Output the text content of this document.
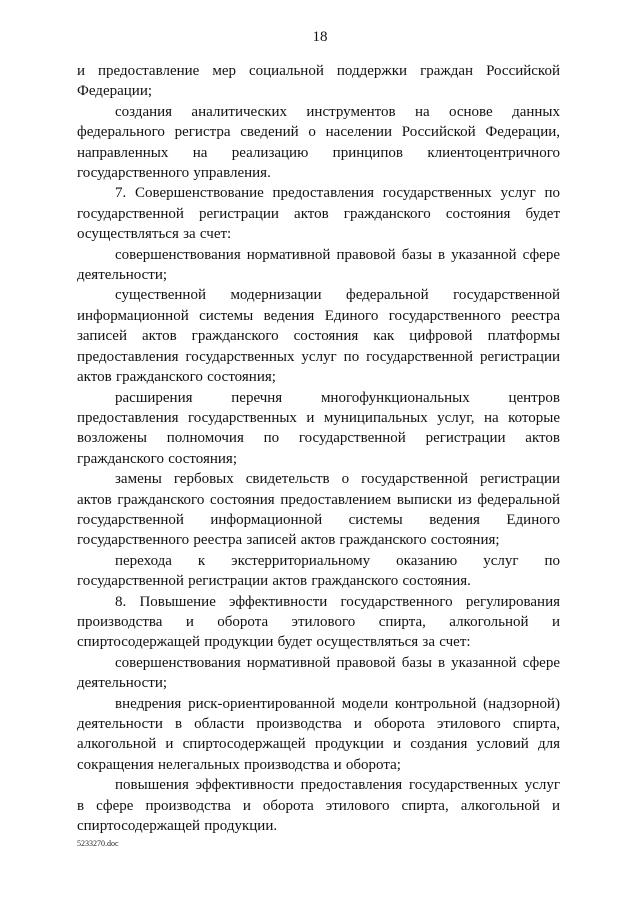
18

и предоставление мер социальной поддержки граждан Российской Федерации;

создания аналитических инструментов на основе данных федерального регистра сведений о населении Российской Федерации, направленных на реализацию принципов клиентоцентричного государственного управления.

7. Совершенствование предоставления государственных услуг по государственной регистрации актов гражданского состояния будет осуществляться за счет:

совершенствования нормативной правовой базы в указанной сфере деятельности;

существенной модернизации федеральной государственной информационной системы ведения Единого государственного реестра записей актов гражданского состояния как цифровой платформы предоставления государственных услуг по государственной регистрации актов гражданского состояния;

расширения перечня многофункциональных центров предоставления государственных и муниципальных услуг, на которые возложены полномочия по государственной регистрации актов гражданского состояния;

замены гербовых свидетельств о государственной регистрации актов гражданского состояния предоставлением выписки из федеральной государственной информационной системы ведения Единого государственного реестра записей актов гражданского состояния;

перехода к экстерриториальному оказанию услуг по государственной регистрации актов гражданского состояния.

8. Повышение эффективности государственного регулирования производства и оборота этилового спирта, алкогольной и спиртосодержащей продукции будет осуществляться за счет:

совершенствования нормативной правовой базы в указанной сфере деятельности;

внедрения риск-ориентированной модели контрольной (надзорной) деятельности в области производства и оборота этилового спирта, алкогольной и спиртосодержащей продукции и создания условий для сокращения нелегальных производства и оборота;

повышения эффективности предоставления государственных услуг в сфере производства и оборота этилового спирта, алкогольной и спиртосодержащей продукции.

5233270.doc
